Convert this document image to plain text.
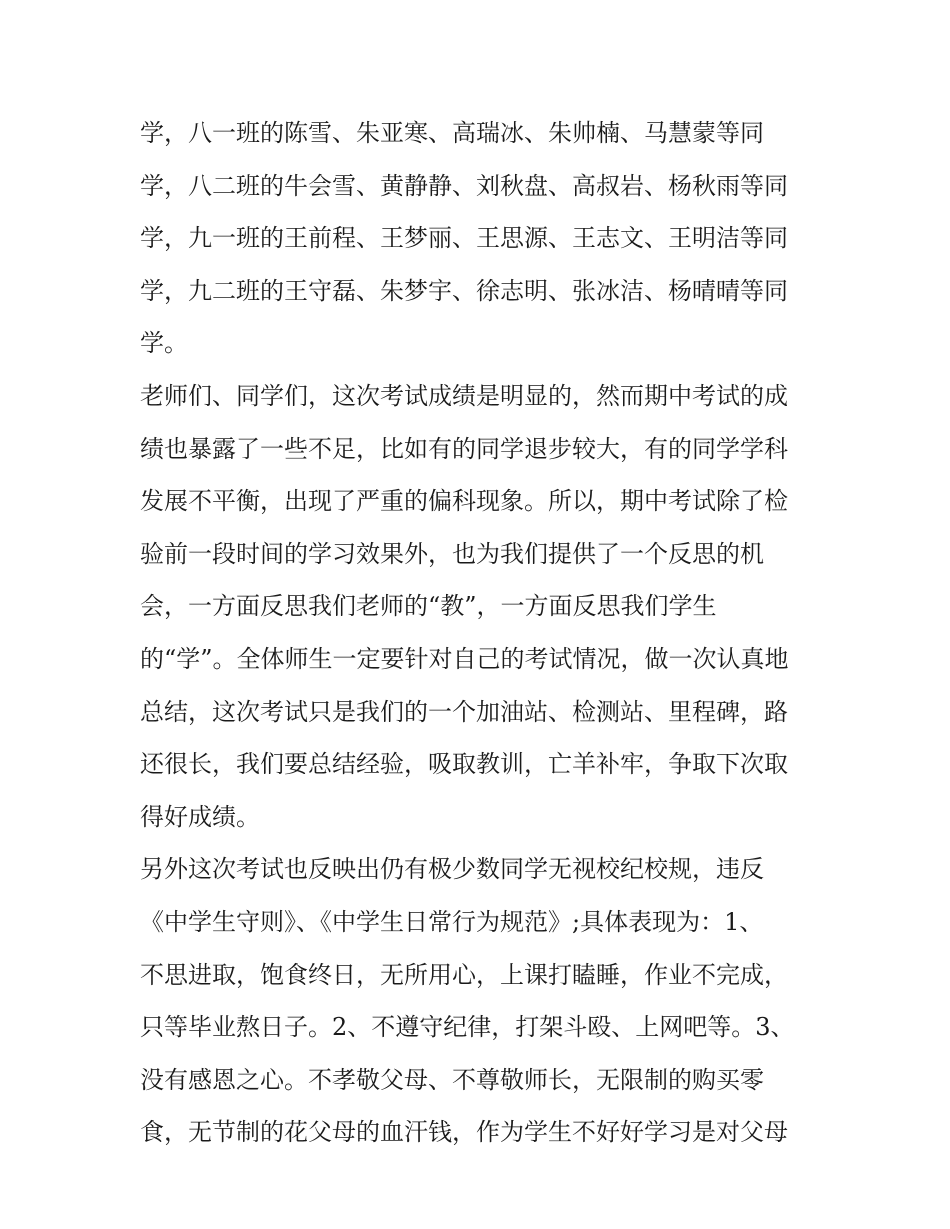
学，八一班的陈雪、朱亚寒、高瑞冰、朱帅楠、马慧蒙等同
学，八二班的牛会雪、黄静静、刘秋盘、高叔岩、杨秋雨等同
学，九一班的王前程、王梦丽、王思源、王志文、王明洁等同
学，九二班的王守磊、朱梦宇、徐志明、张冰洁、杨晴晴等同
学。
老师们、同学们，这次考试成绩是明显的，然而期中考试的成
绩也暴露了一些不足，比如有的同学退步较大，有的同学学科
发展不平衡，出现了严重的偏科现象。所以，期中考试除了检
验前一段时间的学习效果外，也为我们提供了一个反思的机
会，一方面反思我们老师的“教”，一方面反思我们学生
的“学”。全体师生一定要针对自己的考试情况，做一次认真地
总结，这次考试只是我们的一个加油站、检测站、里程碑，路
还很长，我们要总结经验，吸取教训，亡羊补牢，争取下次取
得好成绩。
另外这次考试也反映出仍有极少数同学无视校纪校规，违反
《中学生守则》、《中学生日常行为规范》;具体表现为：1、
不思进取，饱食终日，无所用心，上课打瞌睡，作业不完成，
只等毕业熬日子。2、不遵守纪律，打架斗殴、上网吧等。3、
没有感恩之心。不孝敬父母、不尊敬师长，无限制的购买零
食，无节制的花父母的血汗钱，作为学生不好好学习是对父母
